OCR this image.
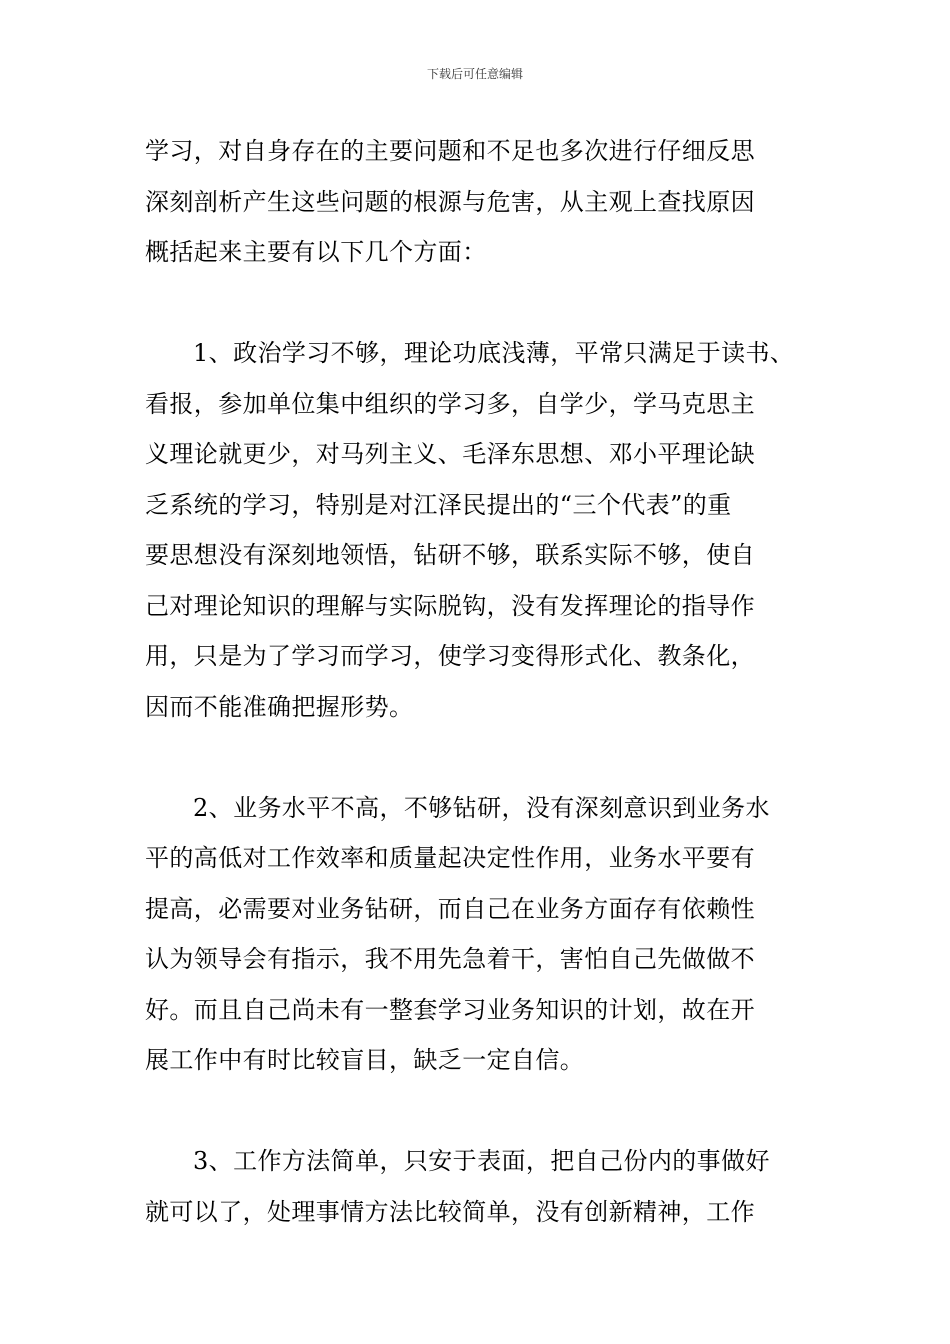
下载后可任意编辑
学习，对自身存在的主要问题和不足也多次进行仔细反思
深刻剖析产生这些问题的根源与危害，从主观上查找原因
概括起来主要有以下几个方面：
1、政治学习不够，理论功底浅薄，平常只满足于读书、
看报，参加单位集中组织的学习多，自学少，学马克思主
义理论就更少，对马列主义、毛泽东思想、邓小平理论缺
乏系统的学习，特别是对江泽民提出的“三个代表”的重
要思想没有深刻地领悟，钻研不够，联系实际不够，使自
己对理论知识的理解与实际脱钩，没有发挥理论的指导作
用，只是为了学习而学习，使学习变得形式化、教条化，
因而不能准确把握形势。
2、业务水平不高，不够钻研，没有深刻意识到业务水
平的高低对工作效率和质量起决定性作用，业务水平要有
提高，必需要对业务钻研，而自己在业务方面存有依赖性
认为领导会有指示，我不用先急着干，害怕自己先做做不
好。而且自己尚未有一整套学习业务知识的计划，故在开
展工作中有时比较盲目，缺乏一定自信。
3、工作方法简单，只安于表面，把自己份内的事做好
就可以了，处理事情方法比较简单，没有创新精神，工作
